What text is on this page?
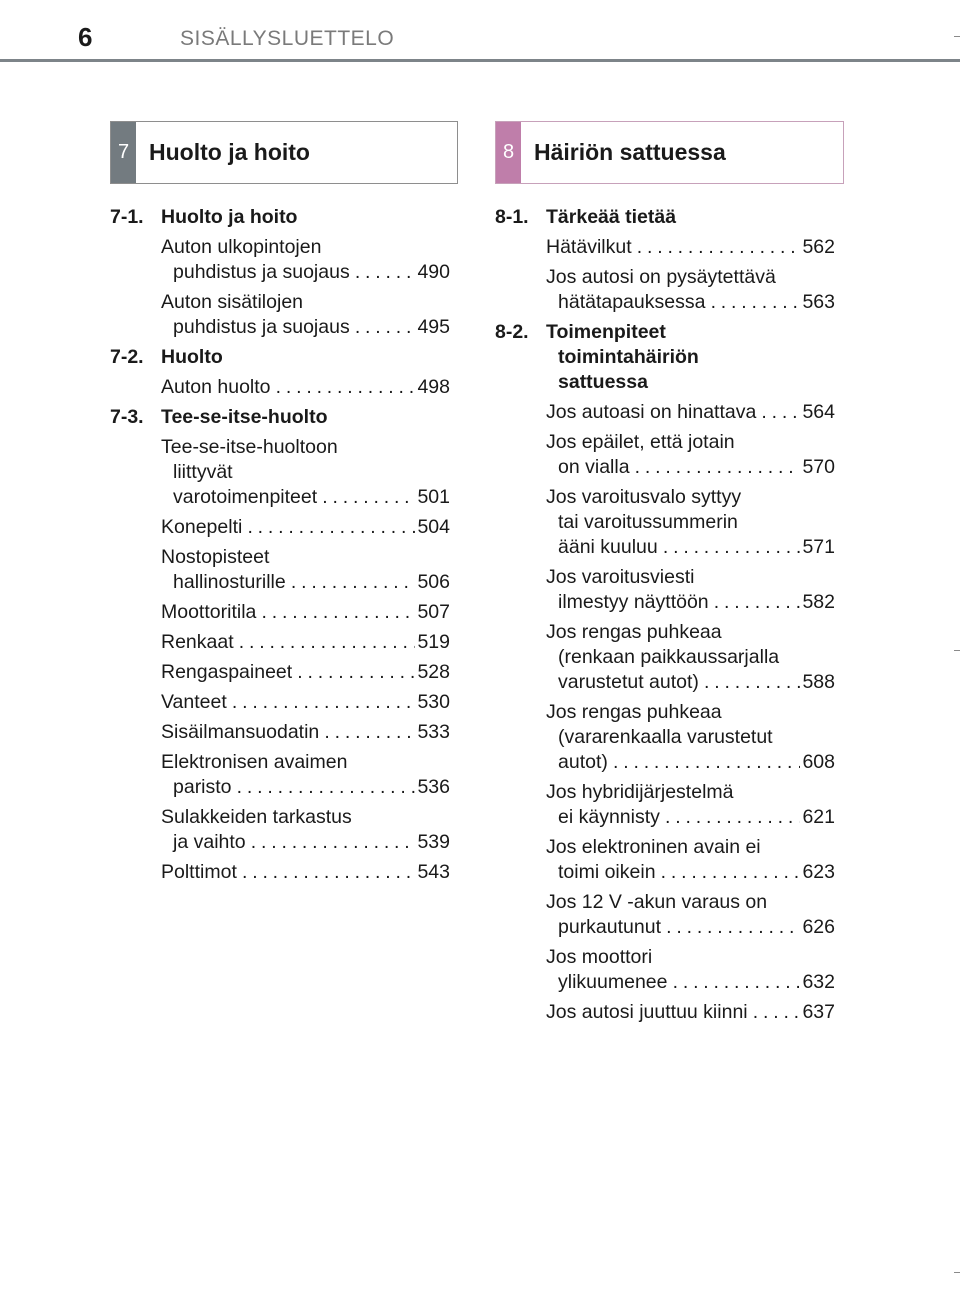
6	SISÄLLYSLUETTELO
7 Huolto ja hoito	8 Häiriön sattuessa
7-1. Huolto ja hoito
Auton ulkopintojen
puhdistus ja suojaus . . .	490
Auton sisätilojen
puhdistus ja suojaus . . .	495
7-2. Huolto
Auton huolto . . .	498
7-3. Tee-se-itse-huolto
Tee-se-itse-huoltoon
liittyvät
varotoimenpiteet . . .	501
Konepelti . . .	504
Nostopisteet
hallinosturille . . .	506
Moottoritila . . .	507
Renkaat . . .	519
Rengaspaineet . . .	528
Vanteet . . .	530
Sisäilmansuodatin . . .	533
Elektronisen avaimen
paristo . . .	536
Sulakkeiden tarkastus
ja vaihto . . .	539
Polttimot . . .	543
8-1. Tärkeää tietää
Hätävilkut . . .	562
Jos autosi on pysäytettävä
hätätapauksessa . . .	563
8-2. Toimenpiteet
toimintahäiriön
sattuessa
Jos autoasi on hinattava . . .	564
Jos epäilet, että jotain
on vialla . . .	570
Jos varoitusvalo syttyy
tai varoitussummerin
ääni kuuluu . . .	571
Jos varoitusviesti
ilmestyy näyttöön . . .	582
Jos rengas puhkeaa
(renkaan paikkaussarjalla
varustetut autot) . . .	588
Jos rengas puhkeaa
(vararenkaalla varustetut
autot) . . .	608
Jos hybridijärjestelmä
ei käynnisty . . .	621
Jos elektroninen avain ei
toimi oikein . . .	623
Jos 12 V -akun varaus on
purkautunut . . .	626
Jos moottori
ylikuumenee . . .	632
Jos autosi juuttuu kiinni . . .	637
